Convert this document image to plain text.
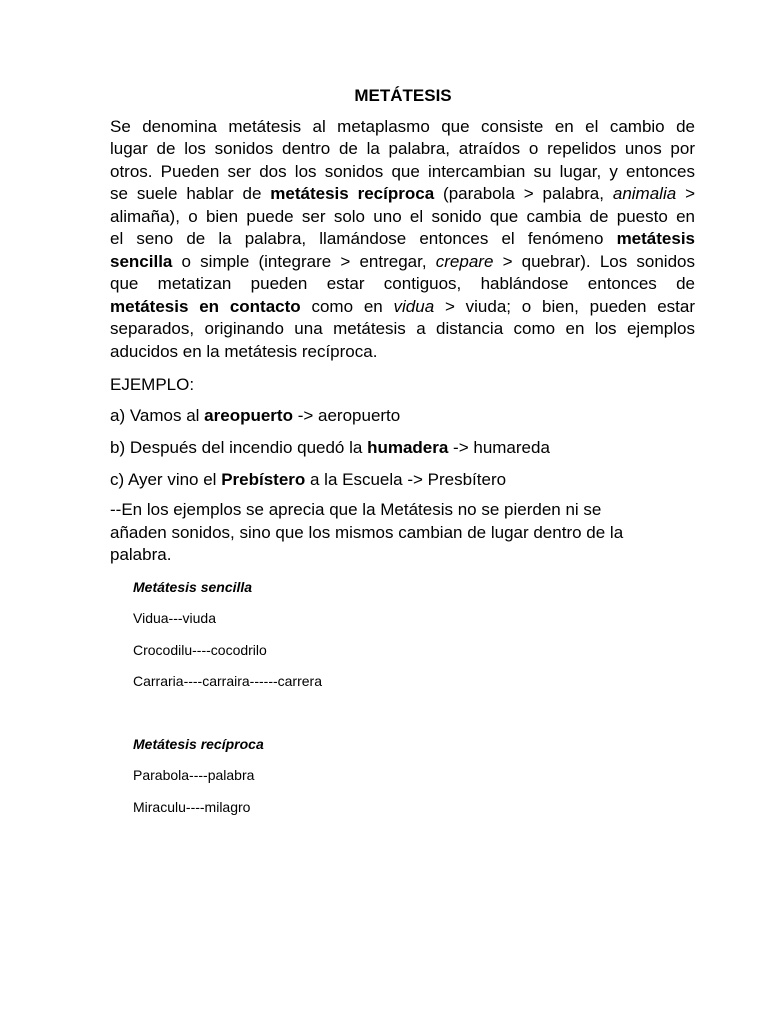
METÁTESIS
Se denomina metátesis al metaplasmo que consiste en el cambio de
lugar de los sonidos dentro de la palabra, atraídos o repelidos unos por
otros. Pueden ser dos los sonidos que intercambian su lugar, y entonces
se suele hablar de metátesis recíproca (parabola > palabra, animalia >
alimaña), o bien puede ser solo uno el sonido que cambia de puesto en
el seno de la palabra, llamándose entonces el fenómeno metátesis
sencilla o simple (integrare > entregar, crepare > quebrar). Los sonidos
que metatizan pueden estar contiguos, hablándose entonces de
metátesis en contacto como en vidua > viuda; o bien, pueden estar
separados, originando una metátesis a distancia como en los ejemplos
aducidos en la metátesis recíproca.
EJEMPLO:
a) Vamos al areopuerto -> aeropuerto
b) Después del incendio quedó la humadera -> humareda
c) Ayer vino el Prebístero a la Escuela -> Presbítero
--En los ejemplos se aprecia que la Metátesis no se pierden ni se
añaden sonidos, sino que los mismos cambian de lugar dentro de la
palabra.
Metátesis sencilla
Vidua---viuda
Crocodilu----cocodrilo
Carraria----carraira------carrera
Metátesis recíproca
Parabola----palabra
Miraculu----milagro
